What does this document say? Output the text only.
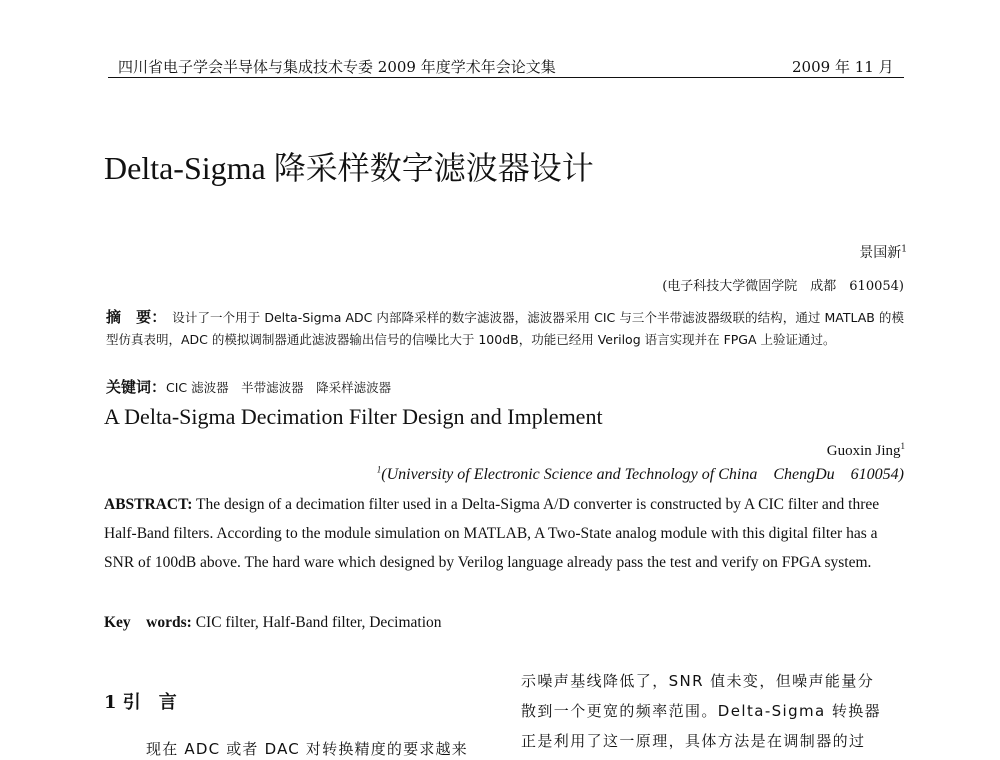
四川省电子学会半导体与集成技术专委 2009 年度学术年会论文集	2009 年 11 月
Delta-Sigma 降采样数字滤波器设计
景国新$^1$
(电子科技大学微固学院　成都　610054)
摘　要： 设计了一个用于 Delta-Sigma ADC 内部降采样的数字滤波器，滤波器采用 CIC 与三个半带滤波器级联的结构，通过 MATLAB 的模型仿真表明，ADC 的模拟调制器通此滤波器输出信号的信噪比大于 100dB，功能已经用 Verilog 语言实现并在 FPGA 上验证通过。
关键词：CIC 滤波器　半带滤波器　降采样滤波器
A Delta-Sigma Decimation Filter Design and Implement
Guoxin Jing$^1$
$^1$(University of Electronic Science and Technology of China　ChengDu　610054)
ABSTRACT: The design of a decimation filter used in a Delta-Sigma A/D converter is constructed by A CIC filter and three Half-Band filters. According to the module simulation on MATLAB, A Two-State analog module with this digital filter has a SNR of 100dB above. The hard ware which designed by Verilog language already pass the test and verify on FPGA system.
Key　words: CIC filter, Half-Band filter, Decimation
1 引　言
现在 ADC 或者 DAC 对转换精度的要求越来
示噪声基线降低了，SNR 值未变，但噪声能量分
散到一个更宽的频率范围。Delta-Sigma 转换器
正是利用了这一原理，具体方法是在调制器的过
